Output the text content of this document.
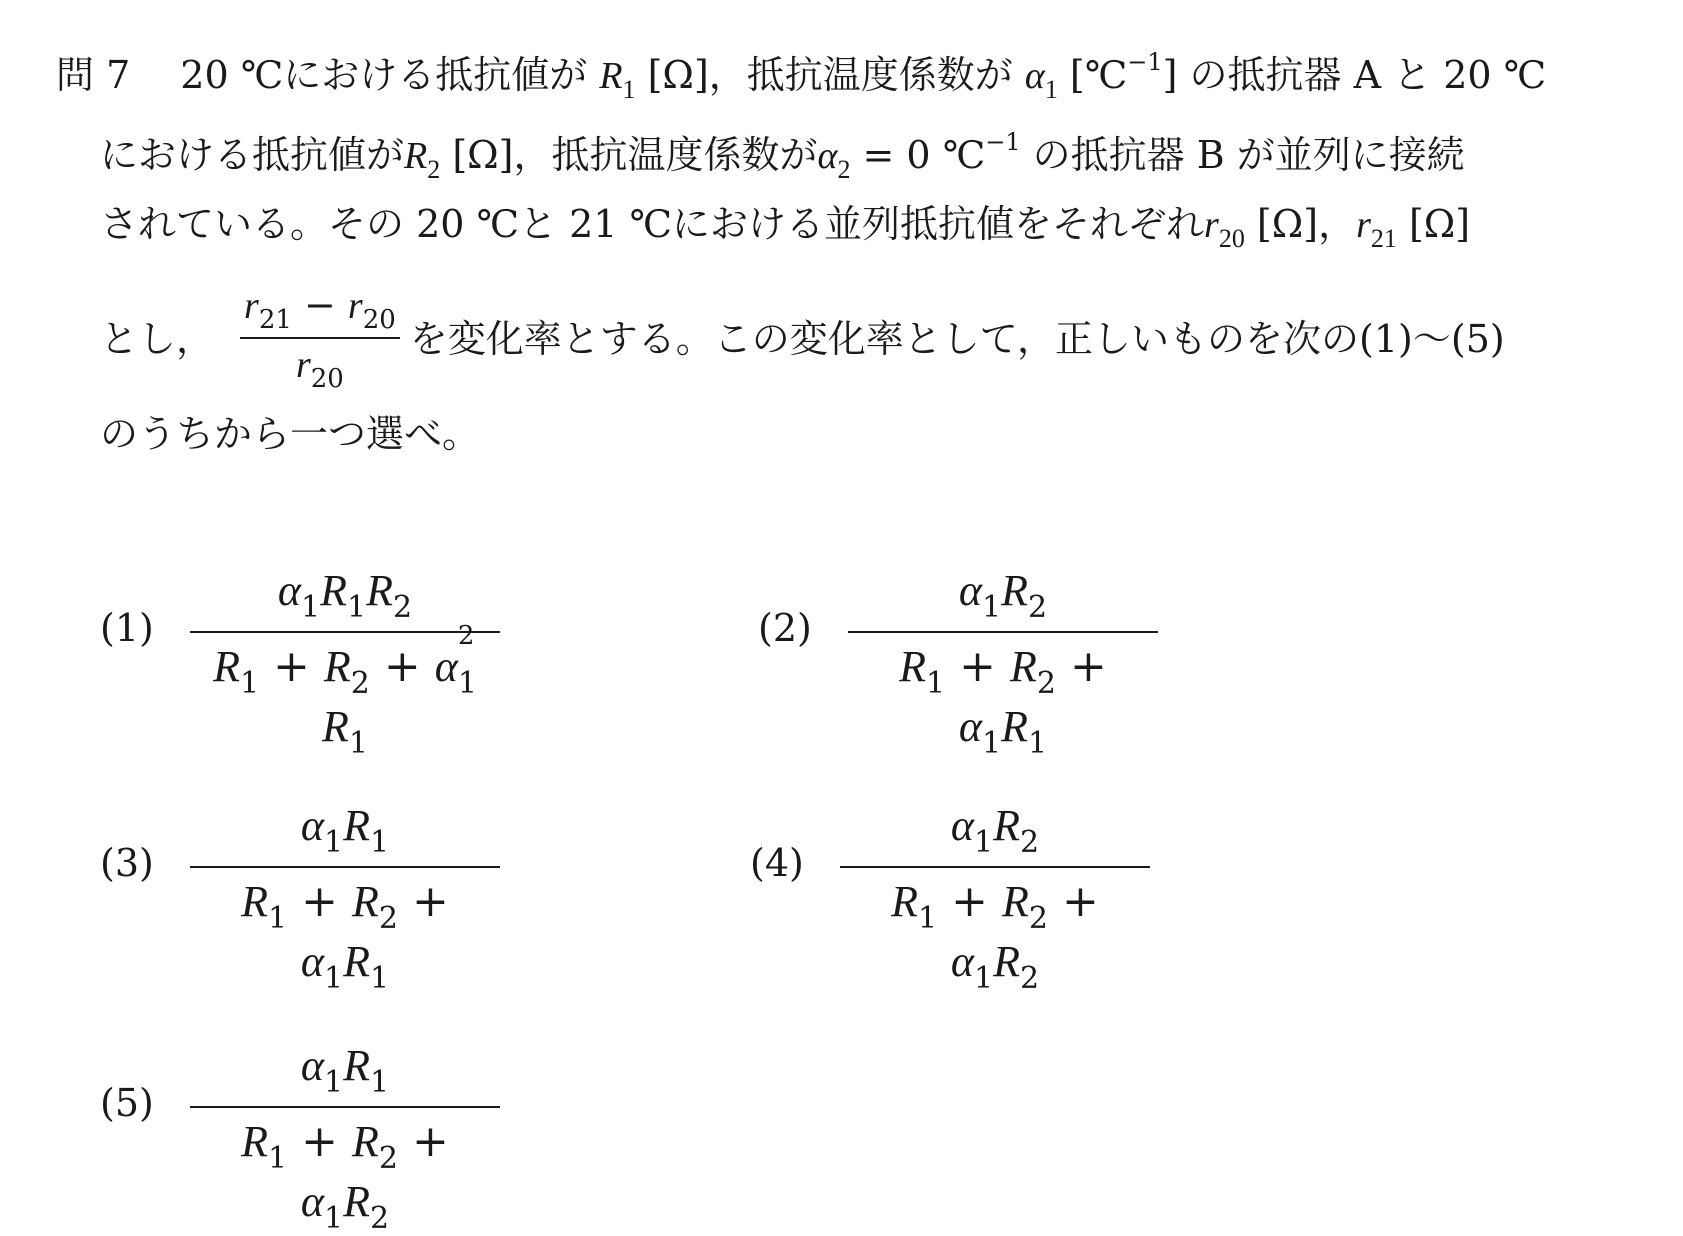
問 7 20 ℃における抵抗値が $R_1$ [Ω]，抵抗温度係数が $\alpha_1$ [℃$^{-1}$] の抵抗器 A と 20 ℃
における抵抗値が$R_2$ [Ω]，抵抗温度係数が$\alpha_2 = 0$ ℃$^{-1}$ の抵抗器 B が並列に接続
されている。その 20 ℃と 21 ℃における並列抵抗値をそれぞれ$r_{20}$ [Ω]，$r_{21}$ [Ω]
とし， $\frac{r_{21} - r_{20}}{r_{20}}$ を変化率とする。この変化率として，正しいものを次の(1)～(5)
のうちから一つ選べ。
(1) $\alpha_1R_1R_2$
$R_1 + R_2 + \alpha$
2
$_1R_1$	$(2) \frac{\alpha_1R_2}{R_1 + R_2 + \alpha_1R_1}$
$(3) \frac{\alpha_1R_1}{R_1 + R_2 + \alpha_1R_1}$	$(4) \frac{\alpha_1R_2}{R_1 + R_2 + \alpha_1R_2}$
$(5) \frac{\alpha_1R_1}{R_1 + R_2 + \alpha_1R_2}$
